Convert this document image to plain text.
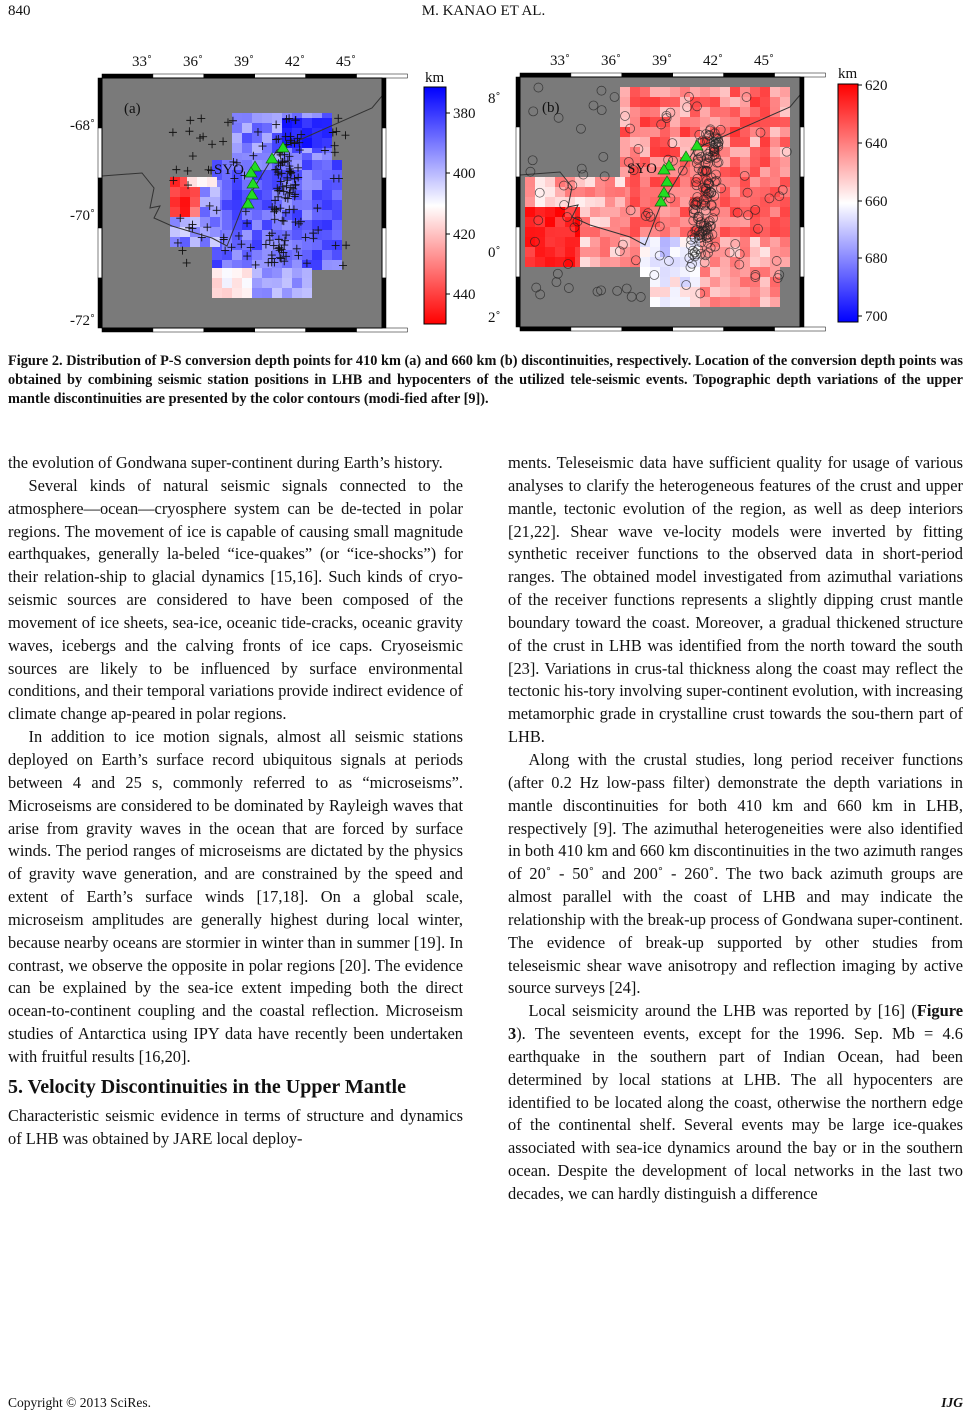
840	M. KANAO ET AL.
SYO
(a)
33˚ 36˚ 39˚ 42˚ 45˚
-68˚
-70˚
-72˚
SYO
(b)
33˚ 36˚ 39˚ 42˚ 45˚
8˚
0˚
2˚
km
380
400
420
440
km
620
640
660
680
700
Figure 2. Distribution of P-S conversion depth points for 410 km (a) and 660 km (b) discontinuities, respectively. Location of the conversion depth points was obtained by combining seismic station positions in LHB and hypocenters of the utilized tele-seismic events. Topographic depth variations of the upper mantle discontinuities are presented by the color contours (modi-fied after [9]).

the evolution of Gondwana super-continent during Earth’s history.

Several kinds of natural seismic signals connected to the atmosphere—ocean—cryosphere system can be de-tected in polar regions. The movement of ice is capable of causing small magnitude earthquakes, generally la-beled “ice-quakes” (or “ice-shocks”) for their relation-ship to glacial dynamics [15,16]. Such kinds of cryo-seismic sources are considered to have been composed of the movement of ice sheets, sea-ice, oceanic tide-cracks, oceanic gravity waves, icebergs and the calving fronts of ice caps. Cryoseismic sources are likely to be influenced by surface environmental conditions, and their temporal variations provide indirect evidence of climate change ap-peared in polar regions.

In addition to ice motion signals, almost all seismic stations deployed on Earth’s surface record ubiquitous signals at periods between 4 and 25 s, commonly referred to as “microseisms”. Microseisms are considered to be dominated by Rayleigh waves that arise from gravity waves in the ocean that are forced by surface winds. The period ranges of microseisms are dictated by the physics of gravity wave generation, and are constrained by the speed and extent of Earth’s surface winds [17,18]. On a global scale, microseism amplitudes are generally highest during local winter, because nearby oceans are stormier in winter than in summer [19]. In contrast, we observe the opposite in polar regions [20]. The evidence can be explained by the sea-ice extent impeding both the direct ocean-to-continent coupling and the coastal reflection. Microseism studies of Antarctica using IPY data have recently been undertaken with fruitful results [16,20].

5. Velocity Discontinuities in the Upper Mantle

Characteristic seismic evidence in terms of structure and dynamics of LHB was obtained by JARE local deploy-

ments. Teleseismic data have sufficient quality for usage of various analyses to clarify the heterogeneous features of the crust and upper mantle, tectonic evolution of the region, as well as deep interiors [21,22]. Shear wave ve-locity models were inverted by fitting synthetic receiver functions to the observed data in short-period ranges. The obtained model investigated from azimuthal variations of the receiver functions represents a slightly dipping crust mantle boundary toward the coast. Moreover, a gradual thickened structure of the crust in LHB was identified from the north toward the south [23]. Variations in crus-tal thickness along the coast may reflect the tectonic his-tory involving super-continent evolution, with increasing metamorphic grade in crystalline crust towards the sou-thern part of LHB.

Along with the crustal studies, long period receiver functions (after 0.2 Hz low-pass filter) demonstrate the depth variations in mantle discontinuities for both 410 km and 660 km in LHB, respectively [9]. The azimuthal heterogeneities were also identified in both 410 km and 660 km discontinuities in the two azimuth ranges of 20˚ - 50˚ and 200˚ - 260˚. The two back azimuth groups are almost parallel with the coast of LHB and may indicate the relationship with the break-up process of Gondwana super-continent. The evidence of break-up supported by other studies from teleseismic shear wave anisotropy and reflection imaging by active source surveys [24].

Local seismicity around the LHB was reported by [16] (Figure 3). The seventeen events, except for the 1996. Sep. Mb = 4.6 earthquake in the southern part of Indian Ocean, had been determined by local stations at LHB. The all hypocenters are identified to be located along the coast, otherwise the northern edge of the continental shelf. Several events may be large ice-quakes associated with sea-ice dynamics around the bay or in the southern ocean. Despite the development of local networks in the last two decades, we can hardly distinguish a difference

Copyright © 2013 SciRes.	IJG
